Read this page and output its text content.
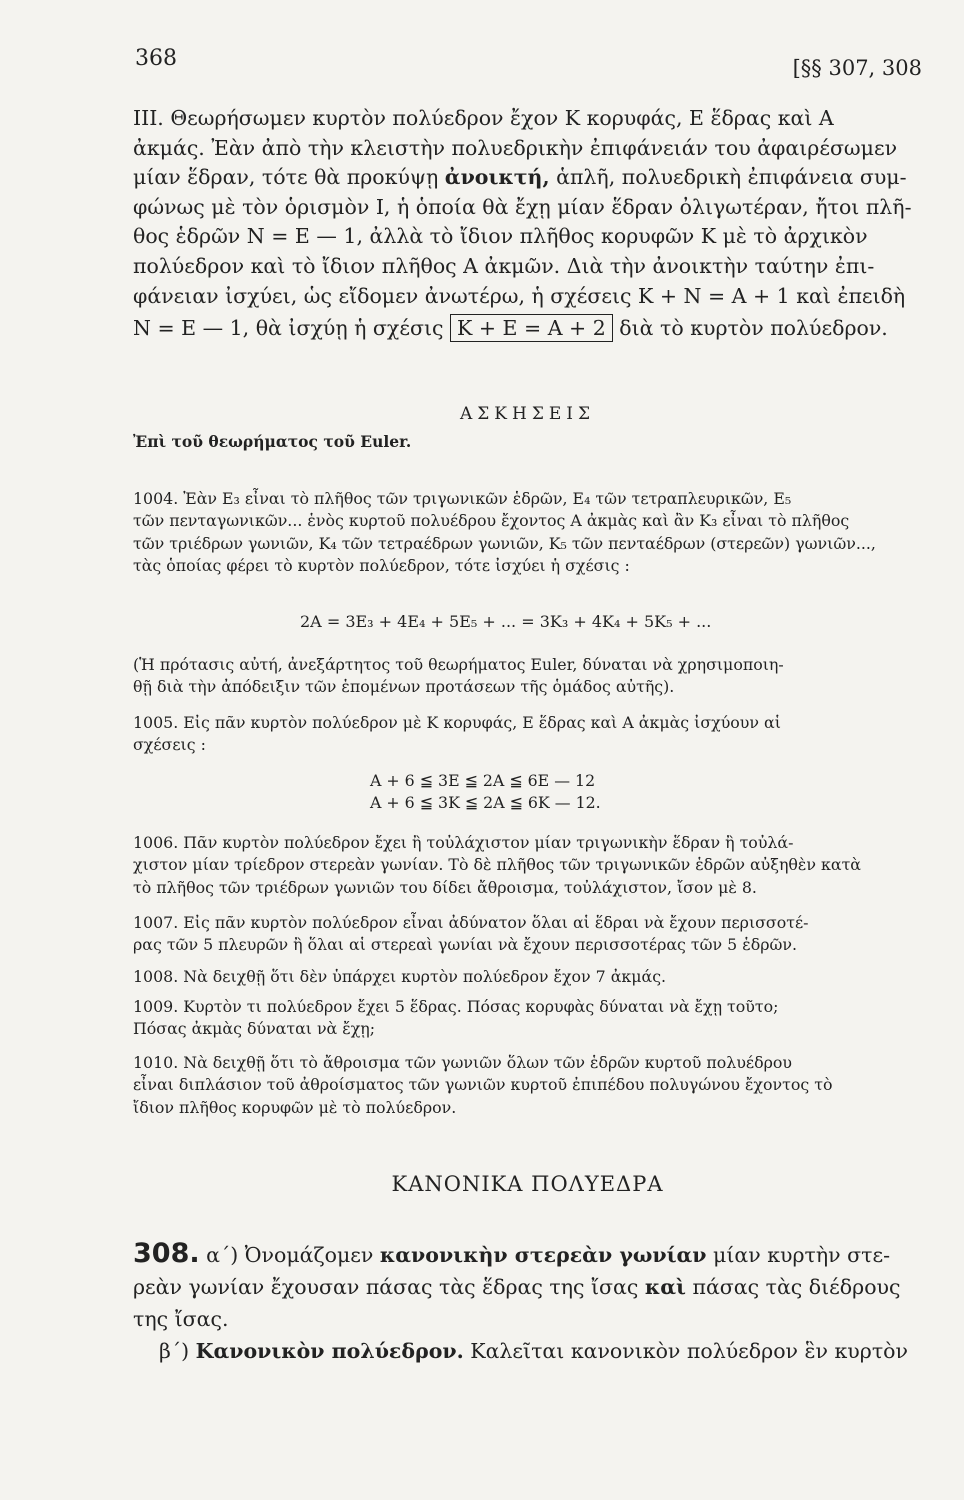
368	[§§ 307, 308
III. Θεωρήσωμεν κυρτὸν πολύεδρον ἔχον Κ κορυφάς, Ε ἕδρας καὶ Α
ἀκμάς. Ἐὰν ἀπὸ τὴν κλειστὴν πολυεδρικὴν ἐπιφάνειάν του ἀφαιρέσωμεν
μίαν ἕδραν, τότε θὰ προκύψῃ ἀνοικτή, ἁπλῆ, πολυεδρικὴ ἐπιφάνεια συμ-
φώνως μὲ τὸν ὁρισμὸν I, ἡ ὁποία θὰ ἔχῃ μίαν ἕδραν ὀλιγωτέραν, ἤτοι πλῆ-
θος ἑδρῶν N = E — 1, ἀλλὰ τὸ ἴδιον πλῆθος κορυφῶν Κ μὲ τὸ ἀρχικὸν
πολύεδρον καὶ τὸ ἴδιον πλῆθος Α ἀκμῶν. Διὰ τὴν ἀνοικτὴν ταύτην ἐπι-
φάνειαν ἰσχύει, ὡς εἴδομεν ἀνωτέρω, ἡ σχέσεις Κ + N = A + 1 καὶ ἐπειδὴ
N = E — 1, θὰ ἰσχύῃ ἡ σχέσις K + E = A + 2 διὰ τὸ κυρτὸν πολύεδρον.
ΑΣΚΗΣΕΙΣ
Ἐπὶ τοῦ θεωρήματος τοῦ Euler.
1004. Ἐὰν Ε₃ εἶναι τὸ πλῆθος τῶν τριγωνικῶν ἑδρῶν, Ε₄ τῶν τετραπλευρικῶν, Ε₅
τῶν πενταγωνικῶν... ἑνὸς κυρτοῦ πολυέδρου ἔχοντος Α ἀκμὰς καὶ ἂν Κ₃ εἶναι τὸ πλῆθος
τῶν τριέδρων γωνιῶν, Κ₄ τῶν τετραέδρων γωνιῶν, Κ₅ τῶν πενταέδρων (στερεῶν) γωνιῶν...,
τὰς ὁποίας φέρει τὸ κυρτὸν πολύεδρον, τότε ἰσχύει ἡ σχέσις :
2A = 3E₃ + 4E₄ + 5E₅ + ... = 3K₃ + 4K₄ + 5K₅ + ...
(Ἡ πρότασις αὐτή, ἀνεξάρτητος τοῦ θεωρήματος Euler, δύναται νὰ χρησιμοποιη-
θῇ διὰ τὴν ἀπόδειξιν τῶν ἑπομένων προτάσεων τῆς ὁμάδος αὐτῆς).
1005. Εἰς πᾶν κυρτὸν πολύεδρον μὲ Κ κορυφάς, Ε ἕδρας καὶ Α ἀκμὰς ἰσχύουν αἱ
σχέσεις :
A + 6 ≦ 3E ≦ 2A ≦ 6E — 12
A + 6 ≦ 3K ≦ 2A ≦ 6K — 12.
1006. Πᾶν κυρτὸν πολύεδρον ἔχει ἢ τοὐλάχιστον μίαν τριγωνικὴν ἕδραν ἢ τοὐλά-
χιστον μίαν τρίεδρον στερεὰν γωνίαν. Τὸ δὲ πλῆθος τῶν τριγωνικῶν ἑδρῶν αὐξηθὲν κατὰ
τὸ πλῆθος τῶν τριέδρων γωνιῶν του δίδει ἄθροισμα, τοὐλάχιστον, ἴσον μὲ 8.
1007. Εἰς πᾶν κυρτὸν πολύεδρον εἶναι ἀδύνατον ὅλαι αἱ ἕδραι νὰ ἔχουν περισσοτέ-
ρας τῶν 5 πλευρῶν ἢ ὅλαι αἱ στερεαὶ γωνίαι νὰ ἔχουν περισσοτέρας τῶν 5 ἑδρῶν.
1008. Νὰ δειχθῇ ὅτι δὲν ὑπάρχει κυρτὸν πολύεδρον ἔχον 7 ἀκμάς.
1009. Κυρτὸν τι πολύεδρον ἔχει 5 ἕδρας. Πόσας κορυφὰς δύναται νὰ ἔχῃ τοῦτο;
Πόσας ἀκμὰς δύναται νὰ ἔχῃ;
1010. Νὰ δειχθῇ ὅτι τὸ ἄθροισμα τῶν γωνιῶν ὅλων τῶν ἑδρῶν κυρτοῦ πολυέδρου
εἶναι διπλάσιον τοῦ ἀθροίσματος τῶν γωνιῶν κυρτοῦ ἐπιπέδου πολυγώνου ἔχοντος τὸ
ἴδιον πλῆθος κορυφῶν μὲ τὸ πολύεδρον.
ΚΑΝΟΝΙΚΑ ΠΟΛΥΕΔΡΑ
308. α΄) Ὀνομάζομεν κανονικὴν στερεὰν γωνίαν μίαν κυρτὴν στε-
ρεὰν γωνίαν ἔχουσαν πάσας τὰς ἕδρας της ἴσας καὶ πάσας τὰς διέδρους
της ἴσας.
β΄) Κανονικὸν πολύεδρον. Καλεῖται κανονικὸν πολύεδρον ἓν κυρτὸν
